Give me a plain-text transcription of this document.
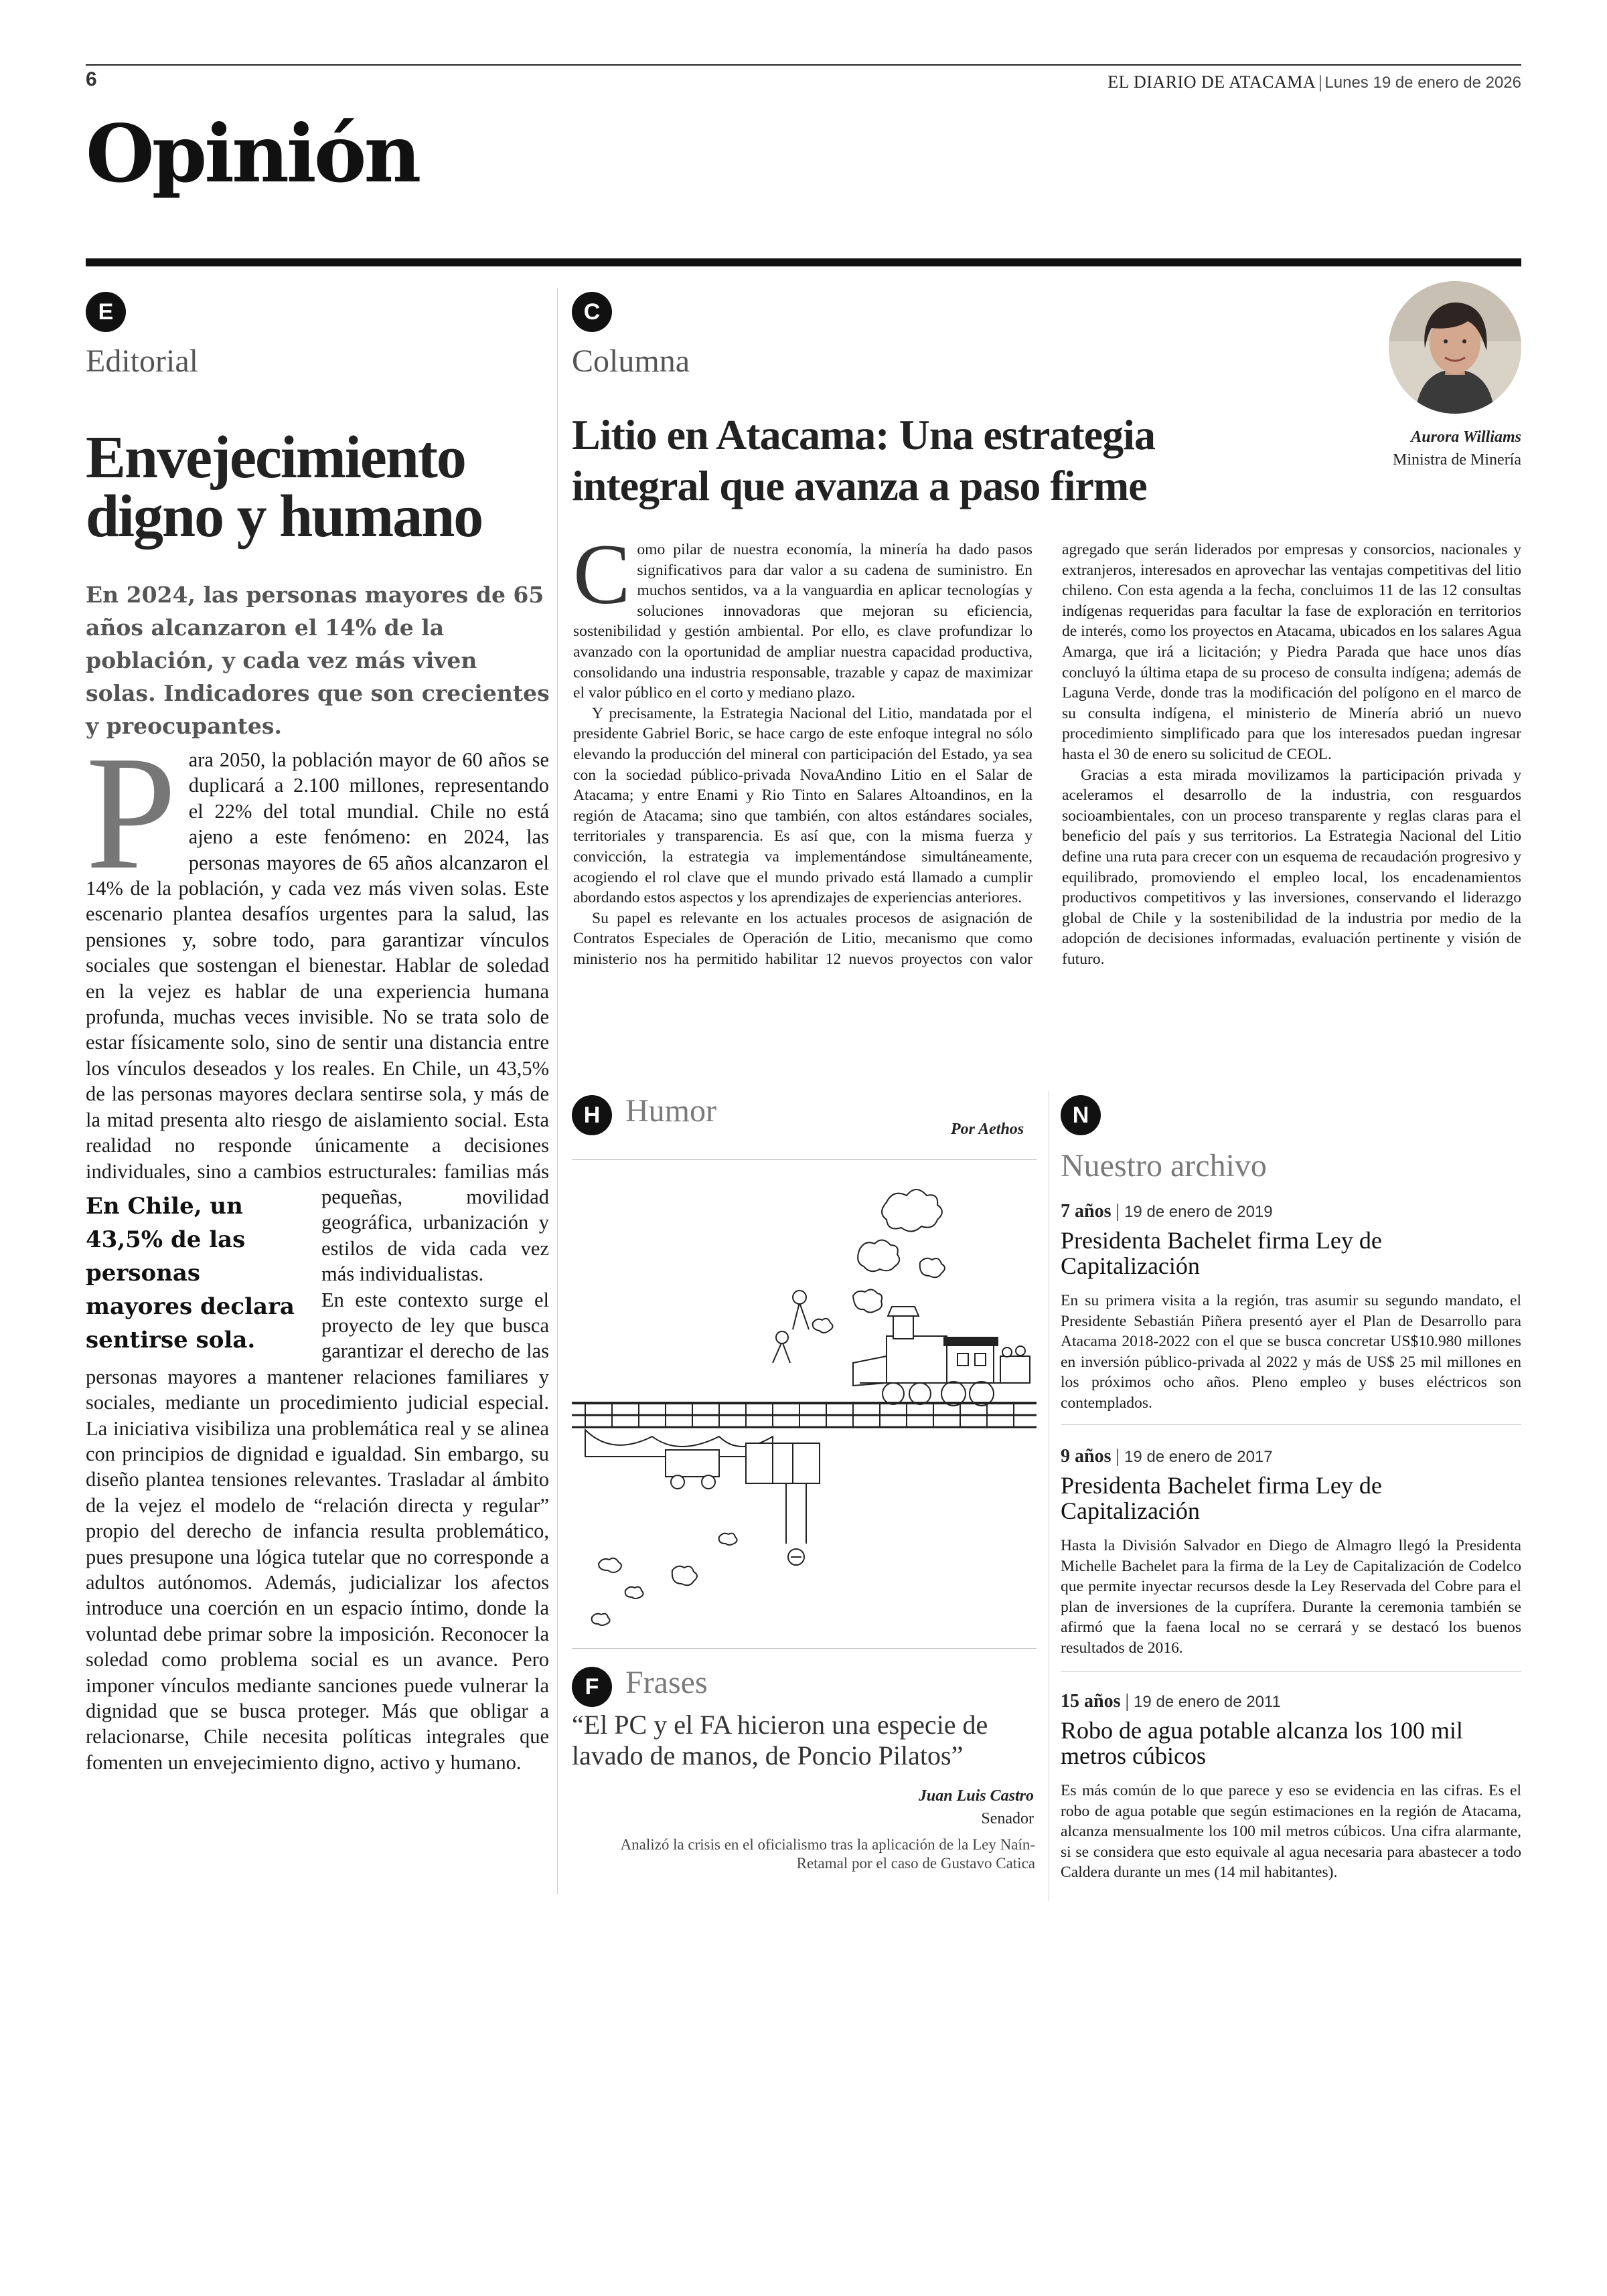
6	EL DIARIO DE ATACAMA | Lunes 19 de enero de 2026
Opinión
E
Editorial
Envejecimiento digno y humano

En 2024, las personas mayores de 65 años alcanzaron el 14% de la población, y cada vez más viven solas. Indicadores que son crecientes y preocupantes.

P ara 2050, la población mayor de 60 años se duplicará a 2.100 millones, representando el 22% del total mundial. Chile no está ajeno a este fenómeno: en 2024, las personas mayores de 65 años alcanzaron el 14% de la población, y cada vez más viven solas. Este escenario plantea desafíos urgentes para la salud, las pensiones y, sobre todo, para garantizar vínculos sociales que sostengan el bienestar. Hablar de soledad en la vejez es hablar de una experiencia humana profunda, muchas veces invisible. No se trata solo de estar físicamente solo, sino de sentir una distancia entre los vínculos deseados y los reales. En Chile, un 43,5% de las personas mayores declara sentirse sola, y más de la mitad presenta alto riesgo de aislamiento social. Esta realidad no responde únicamente a decisiones individuales, sino a cambios estructurales:
En Chile, un 43,5% de las personas mayores declara sentirse sola.
familias más pequeñas, movilidad geográfica, urbanización y estilos de vida cada vez más individualistas.
En este contexto surge el proyecto de ley que busca garantizar el derecho de las personas mayores a mantener relaciones familiares y sociales, mediante un procedimiento judicial especial. La iniciativa visibiliza una problemática real y se alinea con principios de dignidad e igualdad. Sin embargo, su diseño plantea tensiones relevantes. Trasladar al ámbito de la vejez el modelo de “relación directa y regular” propio del derecho de infancia resulta problemático, pues presupone una lógica tutelar que no corresponde a adultos autónomos. Además, judicializar los afectos introduce una coerción en un espacio íntimo, donde la voluntad debe primar sobre la imposición. Reconocer la soledad como problema social es un avance. Pero imponer vínculos mediante sanciones puede vulnerar la dignidad que se busca proteger. Más que obligar a relacionarse, Chile necesita políticas integrales que fomenten un envejecimiento digno, activo y humano.
C
Columna
Litio en Atacama: Una estrategia integral que avanza a paso firme
Aurora Williams
Ministra de Minería

Como pilar de nuestra economía, la minería ha dado pasos significativos para dar valor a su cadena de suministro. En muchos sentidos, va a la vanguardia en aplicar tecnologías y soluciones innovadoras que mejoran su eficiencia, sostenibilidad y gestión ambiental. Por ello, es clave profundizar lo avanzado con la oportunidad de ampliar nuestra capacidad productiva, consolidando una industria responsable, trazable y capaz de maximizar el valor público en el corto y mediano plazo.

Y precisamente, la Estrategia Nacional del Litio, mandatada por el presidente Gabriel Boric, se hace cargo de este enfoque integral no sólo elevando la producción del mineral con participación del Estado, ya sea con la sociedad público-privada NovaAndino Litio en el Salar de Atacama; y entre Enami y Rio Tinto en Salares Altoandinos, en la región de Atacama; sino que también, con altos estándares sociales, territoriales y transparencia. Es así que, con la misma fuerza y convicción, la estrategia va implementándose simultáneamente, acogiendo el rol clave que el mundo privado está llamado a cumplir abordando estos aspectos y los aprendizajes de experiencias anteriores.

Su papel es relevante en los actuales procesos de asignación de Contratos Especiales de Operación de Litio, mecanismo que como ministerio nos ha permitido habilitar 12 nuevos proyectos con valor agregado que serán liderados por empresas y consorcios, nacionales y extranjeros, interesados en aprovechar las ventajas competitivas del litio chileno. Con esta agenda a la fecha, concluimos 11 de las 12 consultas indígenas requeridas para facultar la fase de exploración en territorios de interés, como los proyectos en Atacama, ubicados en los salares Agua Amarga, que irá a licitación; y Piedra Parada que hace unos días concluyó la última etapa de su proceso de consulta indígena; además de Laguna Verde, donde tras la modificación del polígono en el marco de su consulta indígena, el ministerio de Minería abrió un nuevo procedimiento simplificado para que los interesados puedan ingresar hasta el 30 de enero su solicitud de CEOL.

Gracias a esta mirada movilizamos la participación privada y aceleramos el desarrollo de la industria, con resguardos socioambientales, con un proceso transparente y reglas claras para el beneficio del país y sus territorios. La Estrategia Nacional del Litio define una ruta para crecer con un esquema de recaudación progresivo y equilibrado, promoviendo el empleo local, los encadenamientos productivos competitivos y las inversiones, conservando el liderazgo global de Chile y la sostenibilidad de la industria por medio de la adopción de decisiones informadas, evaluación pertinente y visión de futuro.

H Humor
Por Aethos
F Frases

“El PC y el FA hicieron una especie de lavado de manos, de Poncio Pilatos”

Juan Luis Castro
Senador

Analizó la crisis en el oficialismo tras la aplicación de la Ley Naín-Retamal por el caso de Gustavo Catica

N
Nuestro archivo
7 años | 19 de enero de 2019
Presidenta Bachelet firma Ley de Capitalización

En su primera visita a la región, tras asumir su segundo mandato, el Presidente Sebastián Piñera presentó ayer el Plan de Desarrollo para Atacama 2018-2022 con el que se busca concretar US$10.980 millones en inversión público-privada al 2022 y más de US$ 25 mil millones en los próximos ocho años. Pleno empleo y buses eléctricos son contemplados.

9 años | 19 de enero de 2017
Presidenta Bachelet firma Ley de Capitalización

Hasta la División Salvador en Diego de Almagro llegó la Presidenta Michelle Bachelet para la firma de la Ley de Capitalización de Codelco que permite inyectar recursos desde la Ley Reservada del Cobre para el plan de inversiones de la cuprífera. Durante la ceremonia también se afirmó que la faena local no se cerrará y se destacó los buenos resultados de 2016.

15 años | 19 de enero de 2011
Robo de agua potable alcanza los 100 mil metros cúbicos

Es más común de lo que parece y eso se evidencia en las cifras. Es el robo de agua potable que según estimaciones en la región de Atacama, alcanza mensualmente los 100 mil metros cúbicos. Una cifra alarmante, si se considera que esto equivale al agua necesaria para abastecer a todo Caldera durante un mes (14 mil habitantes).
